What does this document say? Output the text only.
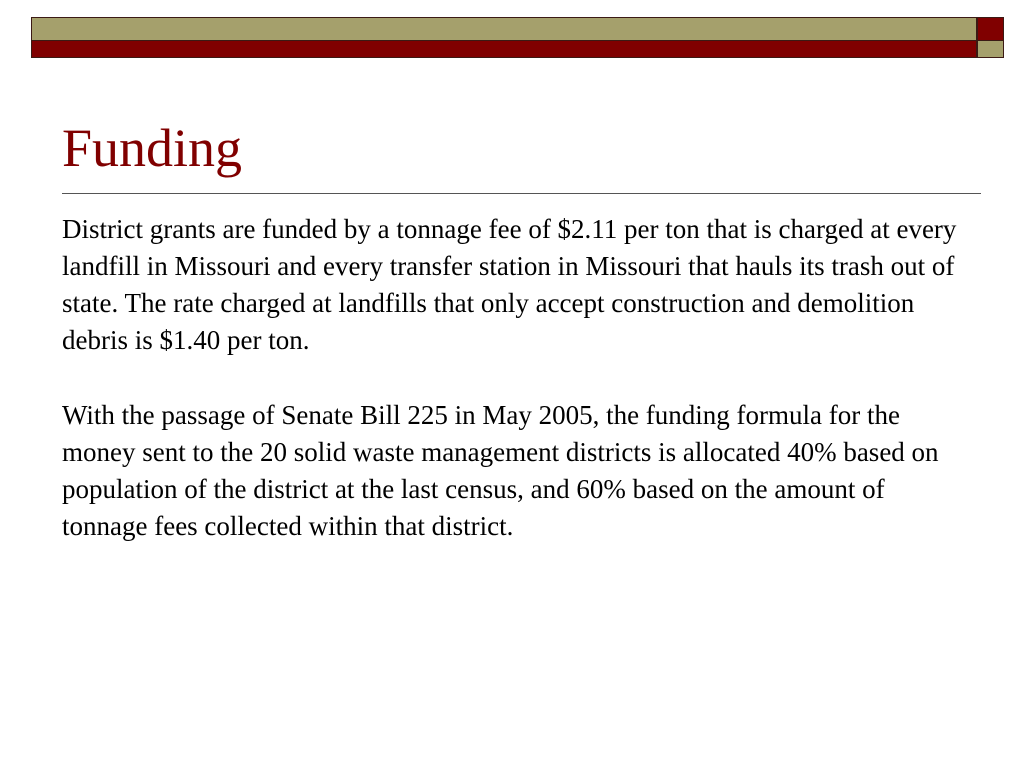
Funding

District grants are funded by a tonnage fee of $2.11 per ton that is charged at every landfill in Missouri and every transfer station in Missouri that hauls its trash out of state. The rate charged at landfills that only accept construction and demolition debris is $1.40 per ton.

With the passage of Senate Bill 225 in May 2005, the funding formula for the money sent to the 20 solid waste management districts is allocated 40% based on population of the district at the last census, and 60% based on the amount of tonnage fees collected within that district.
